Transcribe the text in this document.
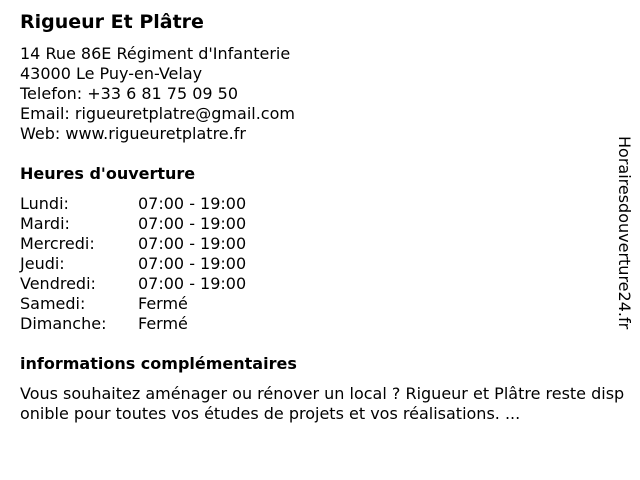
Rigueur Et Plâtre
14 Rue 86E Régiment d'Infanterie
43000 Le Puy-en-Velay
Telefon: +33 6 81 75 09 50
Email: rigueuretplatre@gmail.com
Web: www.rigueuretplatre.fr
Heures d'ouverture
Lundi:	07:00 - 19:00
Mardi:	07:00 - 19:00
Mercredi:	07:00 - 19:00
Jeudi:	07:00 - 19:00
Vendredi:	07:00 - 19:00
Samedi:	Fermé
Dimanche: Fermé
informations complémentaires
Vous souhaitez aménager ou rénover un local ? Rigueur et Plâtre reste disponible pour toutes vos études de projets et vos réalisations. ...
Horairesdouverture24.fr
